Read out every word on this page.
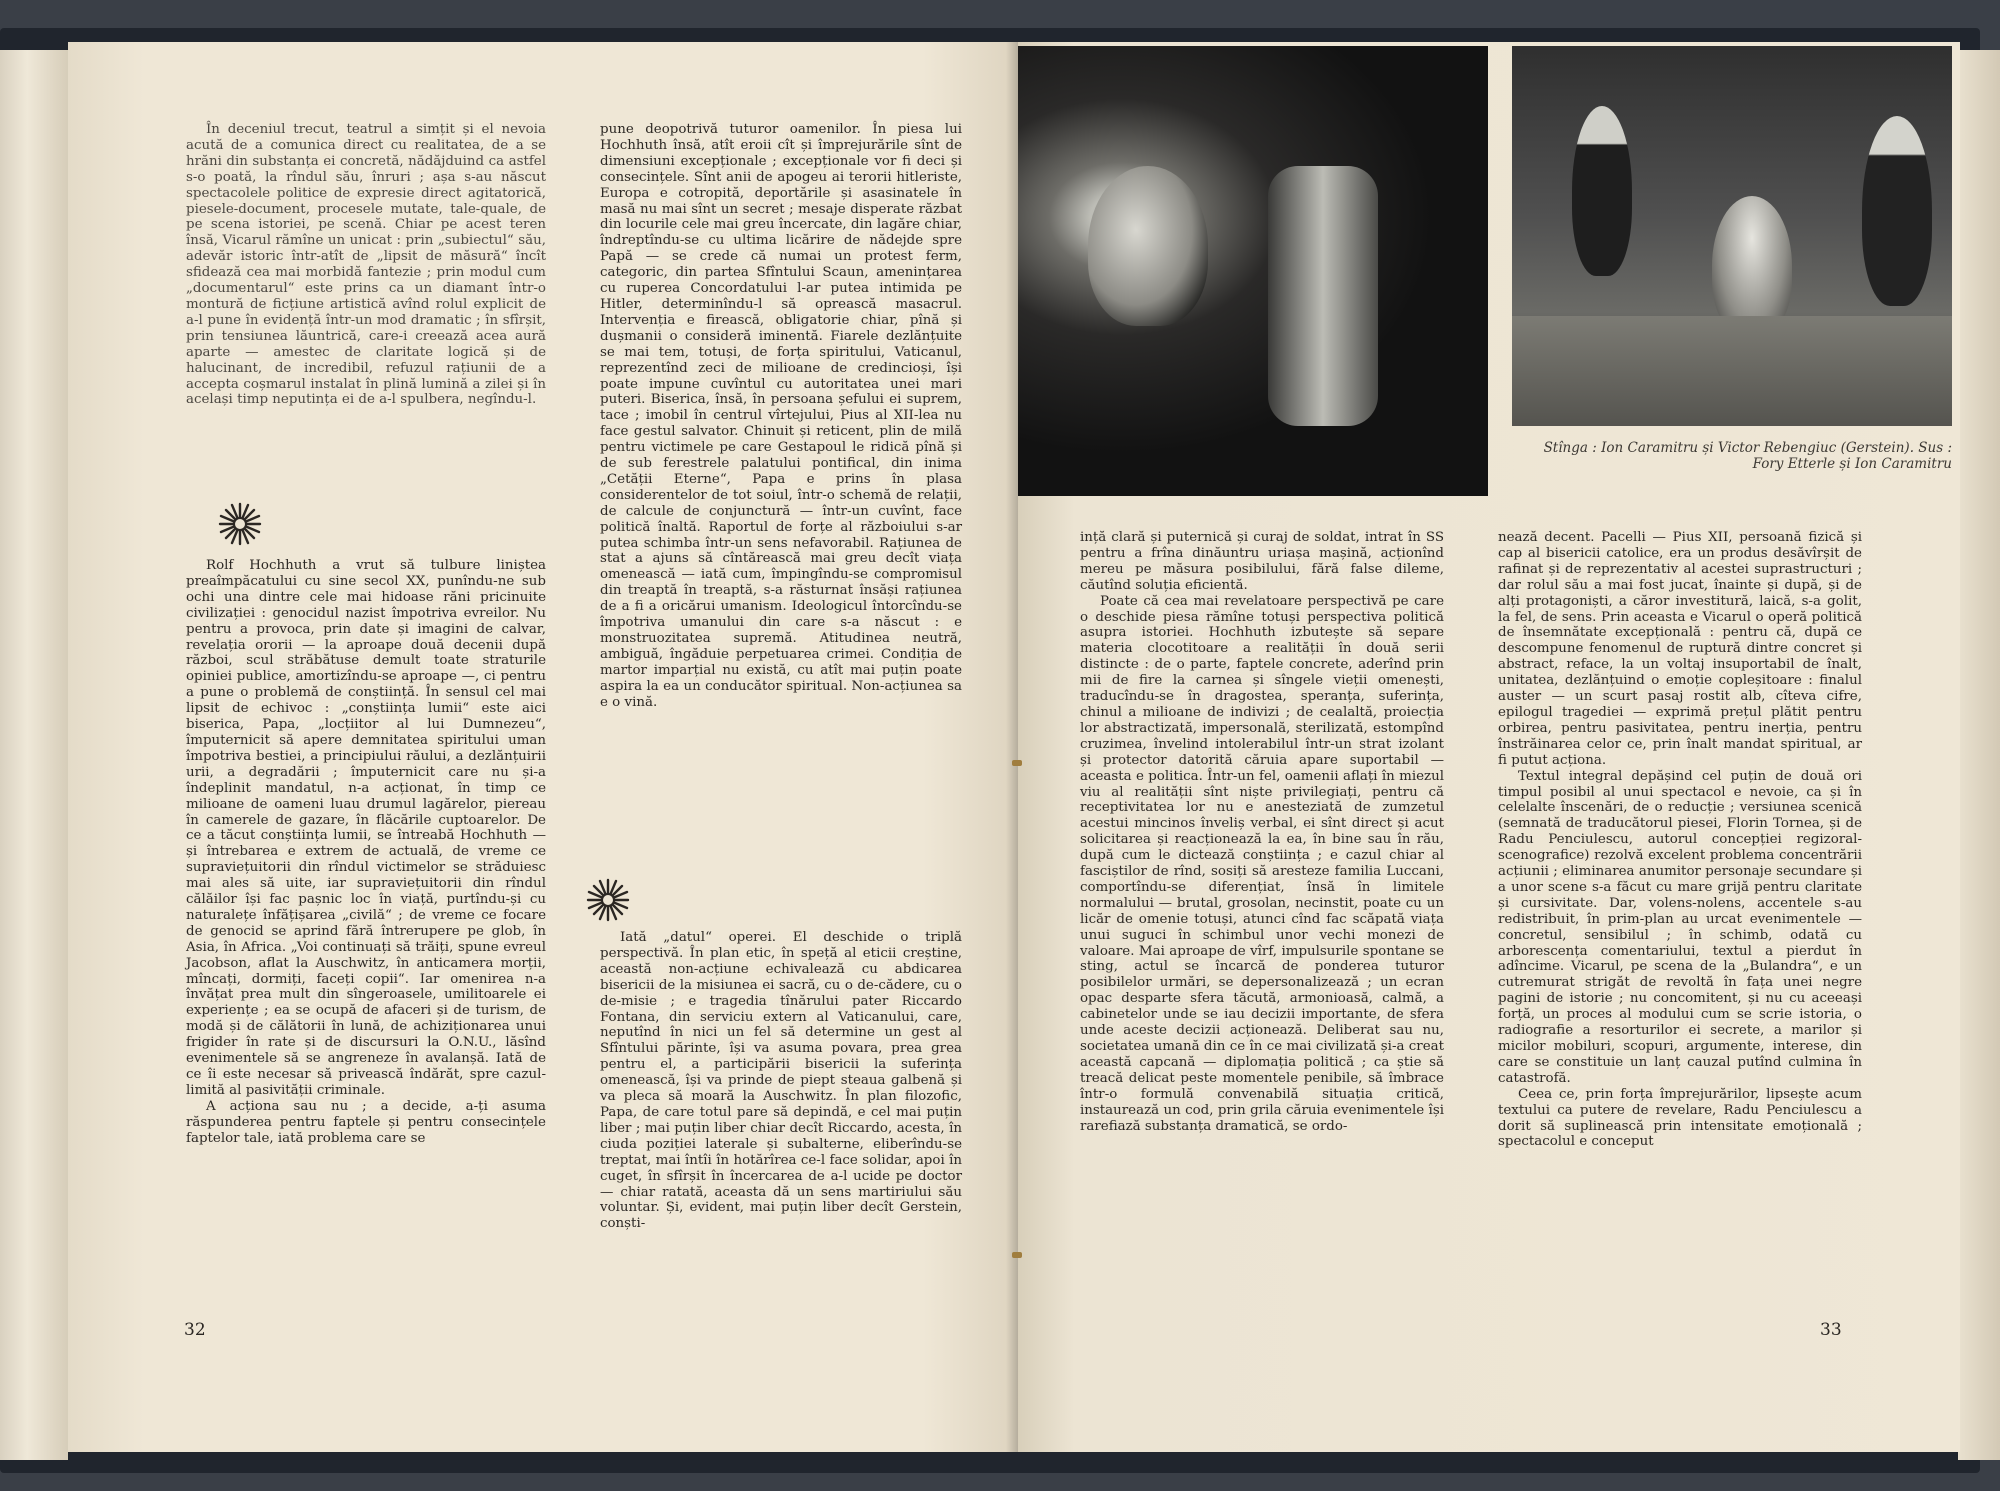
În deceniul trecut, teatrul a simțit și el nevoia acută de a comunica direct cu realitatea, de a se hrăni din substanța ei concretă, nădăjduind ca astfel s-o poată, la rîndul său, înruri ; așa s-au născut spectacolele politice de expresie direct agitatorică, piesele-document, procesele mutate, tale-quale, de pe scena istoriei, pe scenă. Chiar pe acest teren însă, Vicarul rămîne un unicat : prin „subiectul“ său, adevăr istoric într-atît de „lipsit de măsură“ încît sfidează cea mai morbidă fantezie ; prin modul cum „documentarul“ este prins ca un diamant într-o montură de ficțiune artistică avînd rolul explicit de a-l pune în evidență într-un mod dramatic ; în sfîrșit, prin tensiunea lăuntrică, care-i creează acea aură aparte — amestec de claritate logică și de halucinant, de incredibil, refuzul rațiunii de a accepta coșmarul instalat în plină lumină a zilei și în același timp neputința ei de a-l spulbera, negîndu-l.

Rolf Hochhuth a vrut să tulbure liniștea preaîmpăcatului cu sine secol XX, punîndu-ne sub ochi una dintre cele mai hidoase răni pricinuite civilizației : genocidul nazist împotriva evreilor. Nu pentru a provoca, prin date și imagini de calvar, revelația ororii — la aproape două decenii după război, scul străbătuse demult toate straturile opiniei publice, amortizîndu-se aproape —, ci pentru a pune o problemă de conștiință. În sensul cel mai lipsit de echivoc : „conștiința lumii“ este aici biserica, Papa, „locțiitor al lui Dumnezeu“, împuternicit să apere demnitatea spiritului uman împotriva bestiei, a principiului răului, a dezlănțuirii urii, a degradării ; împuternicit care nu și-a îndeplinit mandatul, n-a acționat, în timp ce milioane de oameni luau drumul lagărelor, piereau în camerele de gazare, în flăcările cuptoarelor. De ce a tăcut conștiința lumii, se întreabă Hochhuth — și întrebarea e extrem de actuală, de vreme ce supraviețuitorii din rîndul victimelor se străduiesc mai ales să uite, iar supraviețuitorii din rîndul călăilor își fac pașnic loc în viață, purtîndu-și cu naturalețe înfățișarea „civilă“ ; de vreme ce focare de genocid se aprind fără întrerupere pe glob, în Asia, în Africa. „Voi continuați să trăiți, spune evreul Jacobson, aflat la Auschwitz, în anticamera morții, mîncați, dormiți, faceți copii“. Iar omenirea n-a învățat prea mult din sîngeroasele, umilitoarele ei experiențe ; ea se ocupă de afaceri și de turism, de modă și de călătorii în lună, de achiziționarea unui frigider în rate și de discursuri la O.N.U., lăsînd evenimentele să se angreneze în avalanșă. Iată de ce îi este necesar să privească îndărăt, spre cazul-limită al pasivității criminale.

A acționa sau nu ; a decide, a-ți asuma răspunderea pentru faptele și pentru consecințele faptelor tale, iată problema care se

pune deopotrivă tuturor oamenilor. În piesa lui Hochhuth însă, atît eroii cît și împrejurările sînt de dimensiuni excepționale ; excepționale vor fi deci și consecințele. Sînt anii de apogeu ai terorii hitleriste, Europa e cotropită, deportările și asasinatele în masă nu mai sînt un secret ; mesaje disperate răzbat din locurile cele mai greu încercate, din lagăre chiar, îndreptîndu-se cu ultima licărire de nădejde spre Papă — se crede că numai un protest ferm, categoric, din partea Sfîntului Scaun, amenințarea cu ruperea Concordatului l-ar putea intimida pe Hitler, determinîndu-l să oprească masacrul. Intervenția e firească, obligatorie chiar, pînă și dușmanii o consideră iminentă. Fiarele dezlănțuite se mai tem, totuși, de forța spiritului, Vaticanul, reprezentînd zeci de milioane de credincioși, își poate impune cuvîntul cu autoritatea unei mari puteri. Biserica, însă, în persoana șefului ei suprem, tace ; imobil în centrul vîrtejului, Pius al XII-lea nu face gestul salvator. Chinuit și reticent, plin de milă pentru victimele pe care Gestapoul le ridică pînă și de sub ferestrele palatului pontifical, din inima „Cetății Eterne“, Papa e prins în plasa considerentelor de tot soiul, într-o schemă de relații, de calcule de conjunctură — într-un cuvînt, face politică înaltă. Raportul de forțe al războiului s-ar putea schimba într-un sens nefavorabil. Rațiunea de stat a ajuns să cîntărească mai greu decît viața omenească — iată cum, împingîndu-se compromisul din treaptă în treaptă, s-a răsturnat însăși rațiunea de a fi a oricărui umanism. Ideologicul întorcîndu-se împotriva umanului din care s-a născut : e monstruozitatea supremă. Atitudinea neutră, ambiguă, îngăduie perpetuarea crimei. Condiția de martor imparțial nu există, cu atît mai puțin poate aspira la ea un conducător spiritual. Non-acțiunea sa e o vină.

Iată „datul“ operei. El deschide o triplă perspectivă. În plan etic, în speță al eticii creștine, această non-acțiune echivalează cu abdicarea bisericii de la misiunea ei sacră, cu o de-cădere, cu o de-misie ; e tragedia tînărului pater Riccardo Fontana, din serviciu extern al Vaticanului, care, neputînd în nici un fel să determine un gest al Sfîntului părinte, își va asuma povara, prea grea pentru el, a participării bisericii la suferința omenească, își va prinde de piept steaua galbenă și va pleca să moară la Auschwitz. În plan filozofic, Papa, de care totul pare să depindă, e cel mai puțin liber ; mai puțin liber chiar decît Riccardo, acesta, în ciuda poziției laterale și subalterne, eliberîndu-se treptat, mai întîi în hotărîrea ce-l face solidar, apoi în cuget, în sfîrșit în încercarea de a-l ucide pe doctor — chiar ratată, aceasta dă un sens martiriului său voluntar. Și, evident, mai puțin liber decît Gerstein, conști-

32	33
Stînga : Ion Caramitru și Victor Rebengiuc (Gerstein). Sus : Fory Etterle și Ion Caramitru

ință clară și puternică și curaj de soldat, intrat în SS pentru a frîna dinăuntru uriașa mașină, acționînd mereu pe măsura posibilului, fără false dileme, căutînd soluția eficientă.

Poate că cea mai revelatoare perspectivă pe care o deschide piesa rămîne totuși perspectiva politică asupra istoriei. Hochhuth izbutește să separe materia clocotitoare a realității în două serii distincte : de o parte, faptele concrete, aderînd prin mii de fire la carnea și sîngele vieții omenești, traducîndu-se în dragostea, speranța, suferința, chinul a milioane de indivizi ; de cealaltă, proiecția lor abstractizată, impersonală, sterilizată, estompînd cruzimea, învelind intolerabilul într-un strat izolant și protector datorită căruia apare suportabil — aceasta e politica. Într-un fel, oamenii aflați în miezul viu al realității sînt niște privilegiați, pentru că receptivitatea lor nu e anesteziată de zumzetul acestui mincinos înveliș verbal, ei sînt direct și acut solicitarea și reacționează la ea, în bine sau în rău, după cum le dictează conștiința ; e cazul chiar al fasciștilor de rînd, sosiți să aresteze familia Luccani, comportîndu-se diferențiat, însă în limitele normalului — brutal, grosolan, necinstit, poate cu un licăr de omenie totuși, atunci cînd fac scăpată viața unui suguci în schimbul unor vechi monezi de valoare. Mai aproape de vîrf, impulsurile spontane se sting, actul se încarcă de ponderea tuturor posibilelor urmări, se depersonalizează ; un ecran opac desparte sfera tăcută, armonioasă, calmă, a cabinetelor unde se iau decizii importante, de sfera unde aceste decizii acționează. Deliberat sau nu, societatea umană din ce în ce mai civilizată și-a creat această capcană — diplomația politică ; ca știe să treacă delicat peste momentele penibile, să îmbrace într-o formulă convenabilă situația critică, instaurează un cod, prin grila căruia evenimentele își rarefiază substanța dramatică, se ordo-

nează decent. Pacelli — Pius XII, persoană fizică și cap al bisericii catolice, era un produs desăvîrșit de rafinat și de reprezentativ al acestei suprastructuri ; dar rolul său a mai fost jucat, înainte și după, și de alți protagoniști, a căror investitură, laică, s-a golit, la fel, de sens. Prin aceasta e Vicarul o operă politică de însemnătate excepțională : pentru că, după ce descompune fenomenul de ruptură dintre concret și abstract, reface, la un voltaj insuportabil de înalt, unitatea, dezlănțuind o emoție copleșitoare : finalul auster — un scurt pasaj rostit alb, cîteva cifre, epilogul tragediei — exprimă prețul plătit pentru orbirea, pentru pasivitatea, pentru inerția, pentru înstrăinarea celor ce, prin înalt mandat spiritual, ar fi putut acționa.

Textul integral depășind cel puțin de două ori timpul posibil al unui spectacol e nevoie, ca și în celelalte înscenări, de o reducție ; versiunea scenică (semnată de traducătorul piesei, Florin Tornea, și de Radu Penciulescu, autorul concepției regizoral-scenografice) rezolvă excelent problema concentrării acțiunii ; eliminarea anumitor personaje secundare și a unor scene s-a făcut cu mare grijă pentru claritate și cursivitate. Dar, volens-nolens, accentele s-au redistribuit, în prim-plan au urcat evenimentele — concretul, sensibilul ; în schimb, odată cu arborescența comentariului, textul a pierdut în adîncime. Vicarul, pe scena de la „Bulandra“, e un cutremurat strigăt de revoltă în fața unei negre pagini de istorie ; nu concomitent, și nu cu aceeași forță, un proces al modului cum se scrie istoria, o radiografie a resorturilor ei secrete, a marilor și micilor mobiluri, scopuri, argumente, interese, din care se constituie un lanț cauzal putînd culmina în catastrofă.

Ceea ce, prin forța împrejurărilor, lipsește acum textului ca putere de revelare, Radu Penciulescu a dorit să suplinească prin intensitate emoțională ; spectacolul e conceput
